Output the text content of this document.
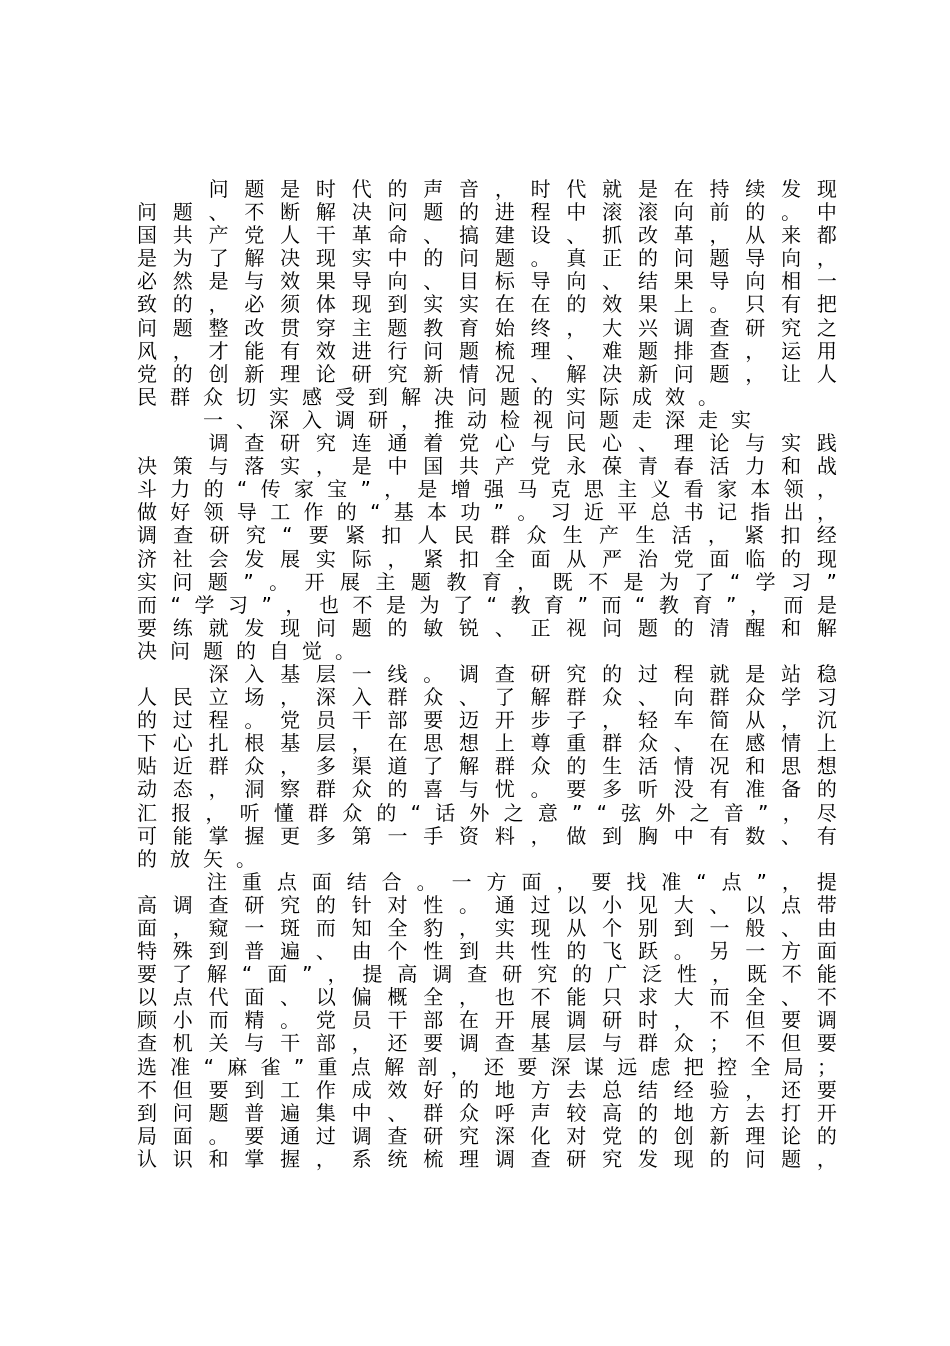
问 题 是 时 代 的 声 音 ， 时 代 就 是 在 持 续 发 现
问 题 、 不 断 解 决 问 题 的 进 程 中 滚 滚 向 前 的 。 中
国 共 产 党 人 干 革 命 、 搞 建 设 、 抓 改 革 ， 从 来 都
是 为 了 解 决 现 实 中 的 问 题 。 真 正 的 问 题 导 向 ，
必 然 是 与 效 果 导 向 、 目 标 导 向 、 结 果 导 向 相 一
致 的 ， 必 须 体 现 到 实 实 在 在 的 效 果 上 。 只 有 把
问 题 整 改 贯 穿 主 题 教 育 始 终 ， 大 兴 调 查 研 究 之
风 ， 才 能 有 效 进 行 问 题 梳 理 、 难 题 排 查 ， 运 用
党 的 创 新 理 论 研 究 新 情 况 、 解 决 新 问 题 ， 让 人
民 群 众 切 实 感 受 到 解 决 问 题 的 实 际 成 效 。

一 、 深 入 调 研 ， 推 动 检 视 问 题 走 深 走 实

调 查 研 究 连 通 着 党 心 与 民 心 、 理 论 与 实 践
决 策 与 落 实 ， 是 中 国 共 产 党 永 葆 青 春 活 力 和 战
斗 力 的 “ 传 家 宝 ” ， 是 增 强 马 克 思 主 义 看 家 本 领 ，
做 好 领 导 工 作 的 “ 基 本 功 ” 。 习 近 平 总 书 记 指 出 ，
调 查 研 究 “ 要 紧 扣 人 民 群 众 生 产 生 活 ， 紧 扣 经
济 社 会 发 展 实 际 ， 紧 扣 全 面 从 严 治 党 面 临 的 现
实 问 题 ” 。 开 展 主 题 教 育 ， 既 不 是 为 了 “ 学 习 ”
而 “ 学 习 ” ， 也 不 是 为 了 “ 教 育 ” 而 “ 教 育 ” ， 而 是
要 练 就 发 现 问 题 的 敏 锐 、 正 视 问 题 的 清 醒 和 解
决 问 题 的 自 觉 。

深 入 基 层 一 线 。 调 查 研 究 的 过 程 就 是 站 稳
人 民 立 场 ， 深 入 群 众 、 了 解 群 众 、 向 群 众 学 习
的 过 程 。 党 员 干 部 要 迈 开 步 子 ， 轻 车 简 从 ， 沉
下 心 扎 根 基 层 ， 在 思 想 上 尊 重 群 众 、 在 感 情 上
贴 近 群 众 ， 多 渠 道 了 解 群 众 的 生 活 情 况 和 思 想
动 态 ， 洞 察 群 众 的 喜 与 忧 。 要 多 听 没 有 准 备 的
汇 报 ， 听 懂 群 众 的 “ 话 外 之 意 ” “ 弦 外 之 音 ” ， 尽
可 能 掌 握 更 多 第 一 手 资 料 ， 做 到 胸 中 有 数 、 有
的 放 矢 。

注 重 点 面 结 合 。 一 方 面 ， 要 找 准 “ 点 ” ， 提
高 调 查 研 究 的 针 对 性 。 通 过 以 小 见 大 、 以 点 带
面 ， 窥 一 斑 而 知 全 豹 ， 实 现 从 个 别 到 一 般 、 由
特 殊 到 普 遍 、 由 个 性 到 共 性 的 飞 跃 。 另 一 方 面
要 了 解 “ 面 ” ， 提 高 调 查 研 究 的 广 泛 性 ， 既 不 能
以 点 代 面 、 以 偏 概 全 ， 也 不 能 只 求 大 而 全 、 不
顾 小 而 精 。 党 员 干 部 在 开 展 调 研 时 ， 不 但 要 调
查 机 关 与 干 部 ， 还 要 调 查 基 层 与 群 众 ； 不 但 要
选 准 “ 麻 雀 ” 重 点 解 剖 ， 还 要 深 谋 远 虑 把 控 全 局 ；
不 但 要 到 工 作 成 效 好 的 地 方 去 总 结 经 验 ， 还 要
到 问 题 普 遍 集 中 、 群 众 呼 声 较 高 的 地 方 去 打 开
局 面 。 要 通 过 调 查 研 究 深 化 对 党 的 创 新 理 论 的
认 识 和 掌 握 ， 系 统 梳 理 调 查 研 究 发 现 的 问 题 ，
